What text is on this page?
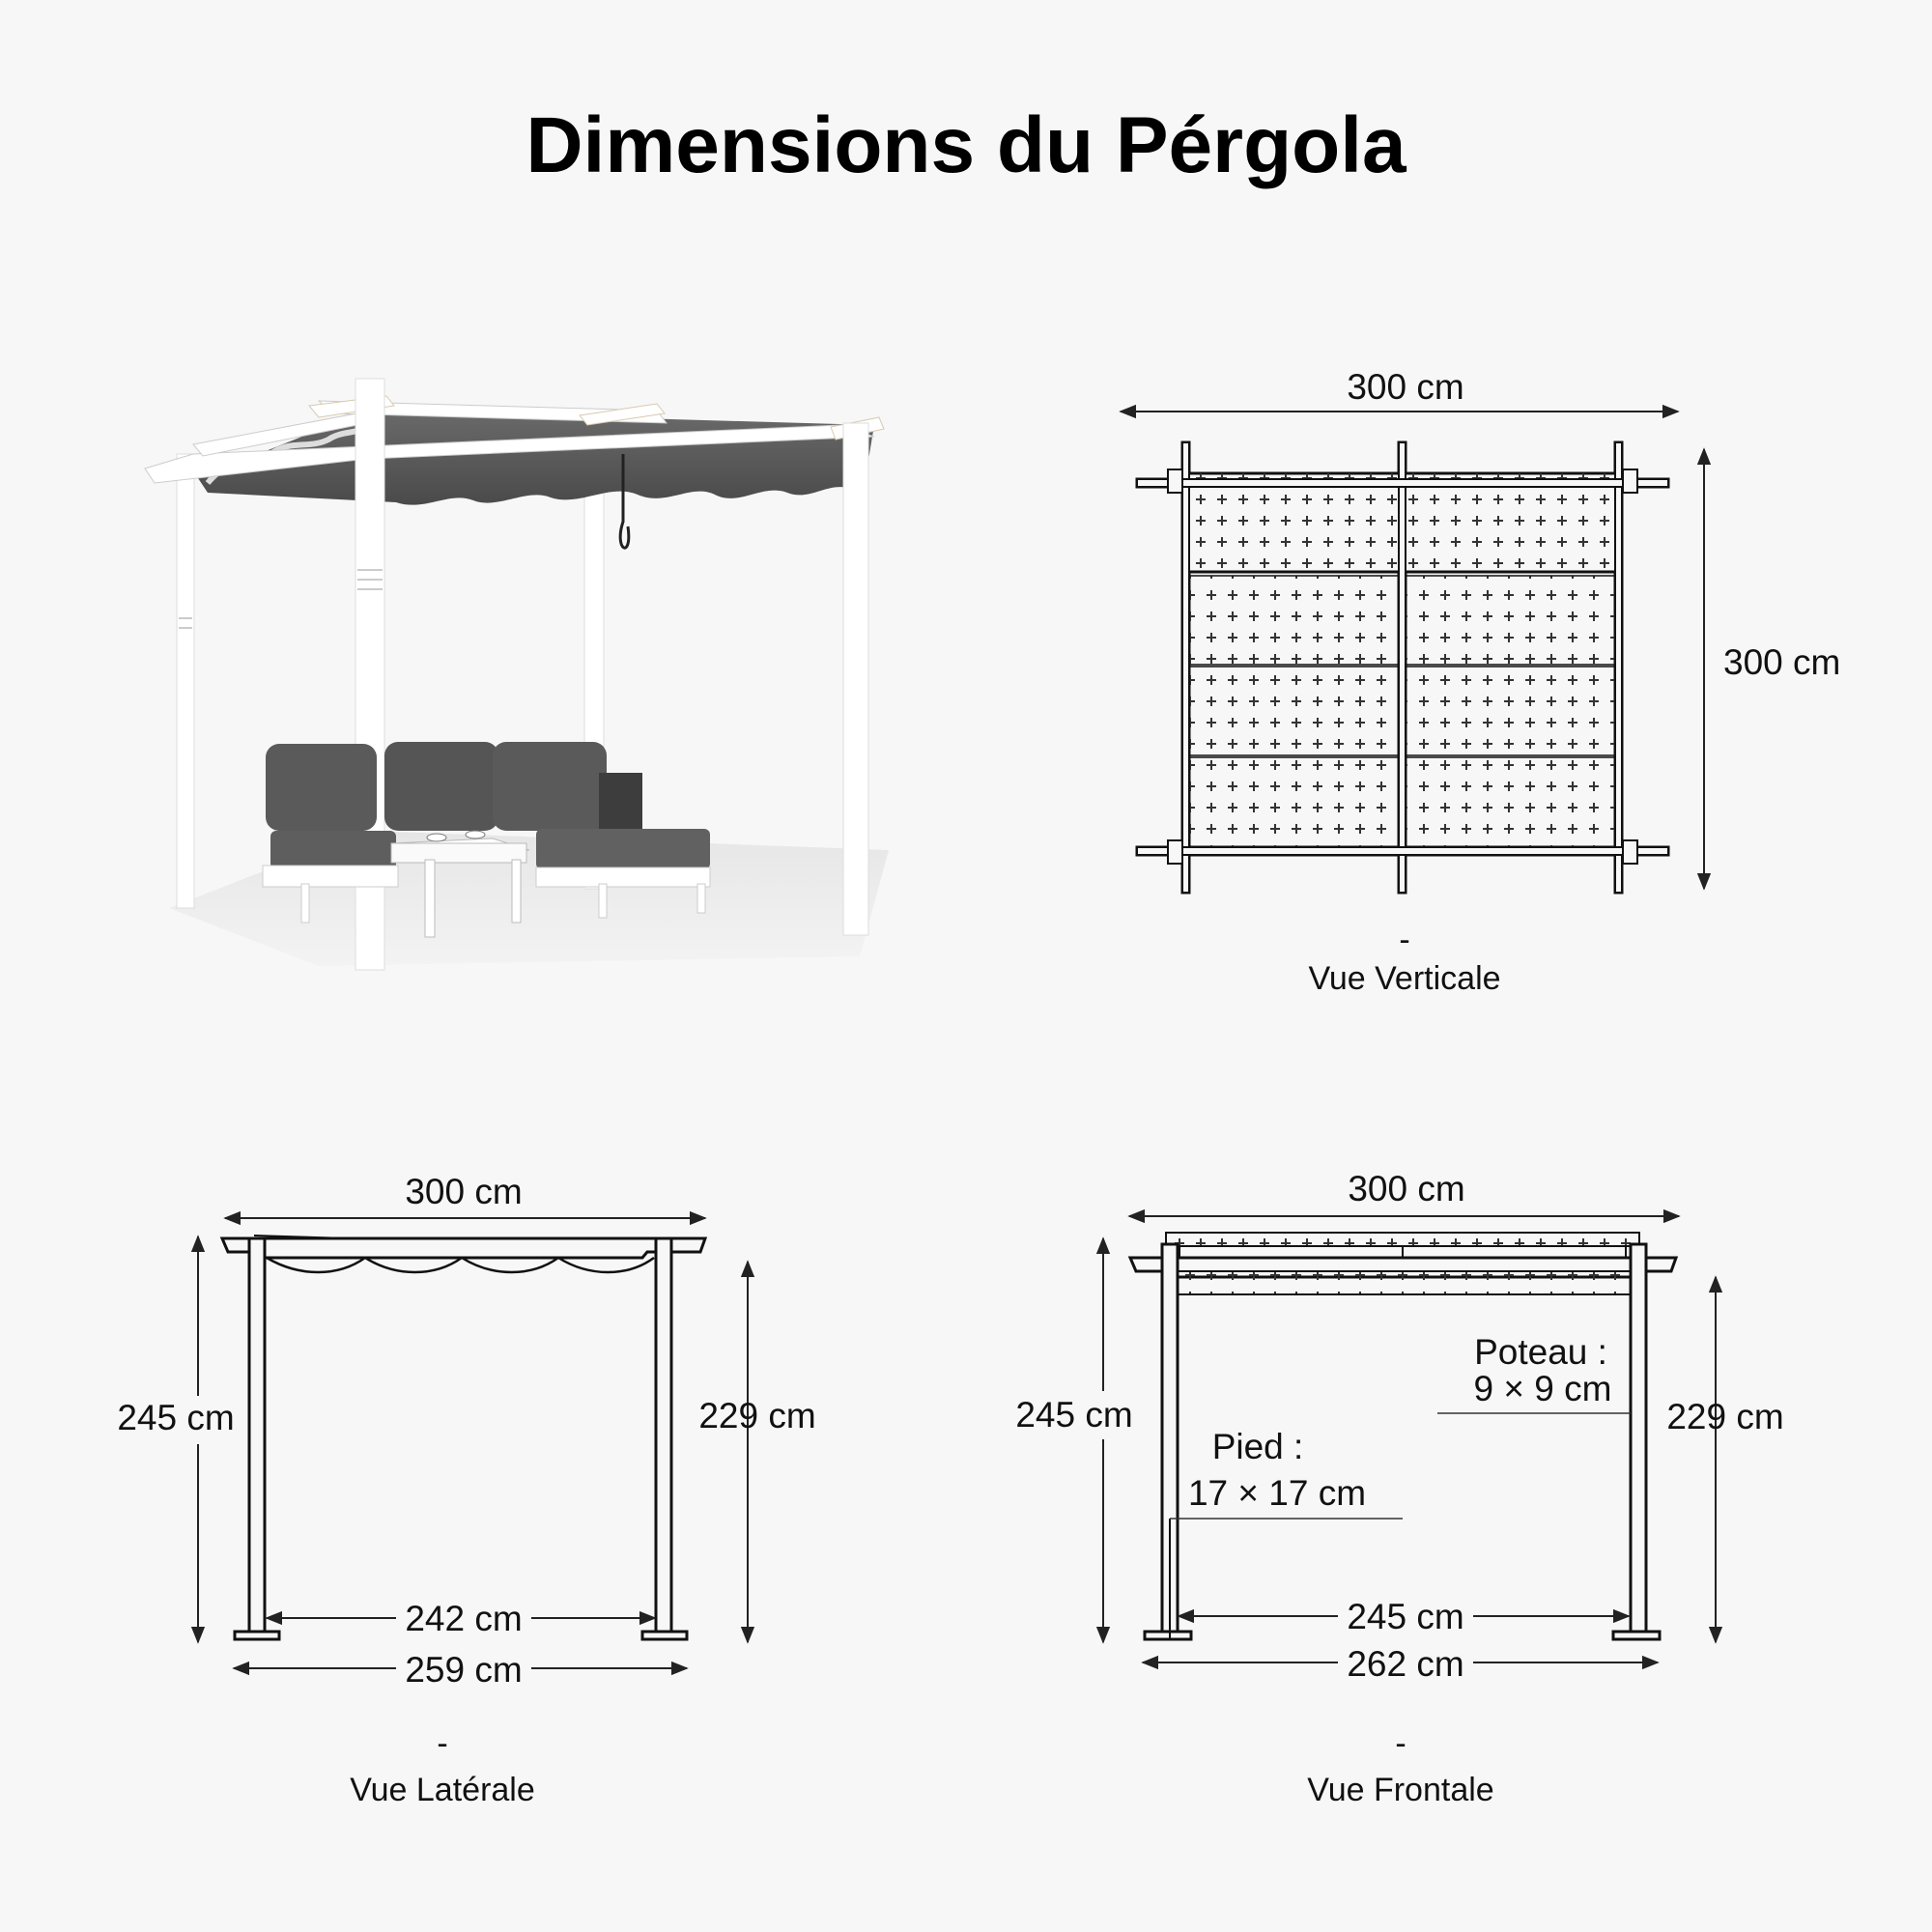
Dimensions du Pérgola
300 cm
300 cm
-
Vue Verticale
300 cm
245 cm	229 cm
242 cm
259 cm
-
Vue Latérale
300 cm
Poteau :
9 × 9 cm
Pied :
17 × 17 cm
245 cm	229 cm
245 cm
262 cm
-
Vue Frontale
